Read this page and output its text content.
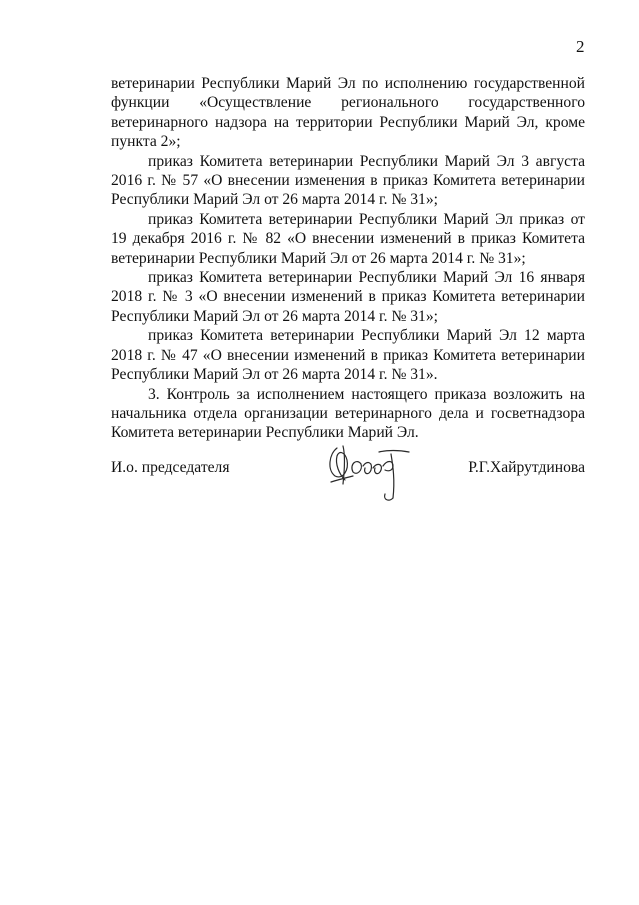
2

ветеринарии Республики Марий Эл по исполнению государственной функции «Осуществление регионального государственного ветеринарного надзора на территории Республики Марий Эл, кроме пункта 2»;

приказ Комитета ветеринарии Республики Марий Эл 3 августа 2016 г. № 57 «О внесении изменения в приказ Комитета ветеринарии Республики Марий Эл от 26 марта 2014 г. № 31»;

приказ Комитета ветеринарии Республики Марий Эл приказ от 19 декабря 2016 г. № 82 «О внесении изменений в приказ Комитета ветеринарии Республики Марий Эл от 26 марта 2014 г. № 31»;

приказ Комитета ветеринарии Республики Марий Эл 16 января 2018 г. № 3 «О внесении изменений в приказ Комитета ветеринарии Республики Марий Эл от 26 марта 2014 г. № 31»;

приказ Комитета ветеринарии Республики Марий Эл 12 марта 2018 г. № 47 «О внесении изменений в приказ Комитета ветеринарии Республики Марий Эл от 26 марта 2014 г. № 31».

3. Контроль за исполнением настоящего приказа возложить на начальника отдела организации ветеринарного дела и госветнадзора Комитета ветеринарии Республики Марий Эл.

И.о. председателя	Р.Г.Хайрутдинова
